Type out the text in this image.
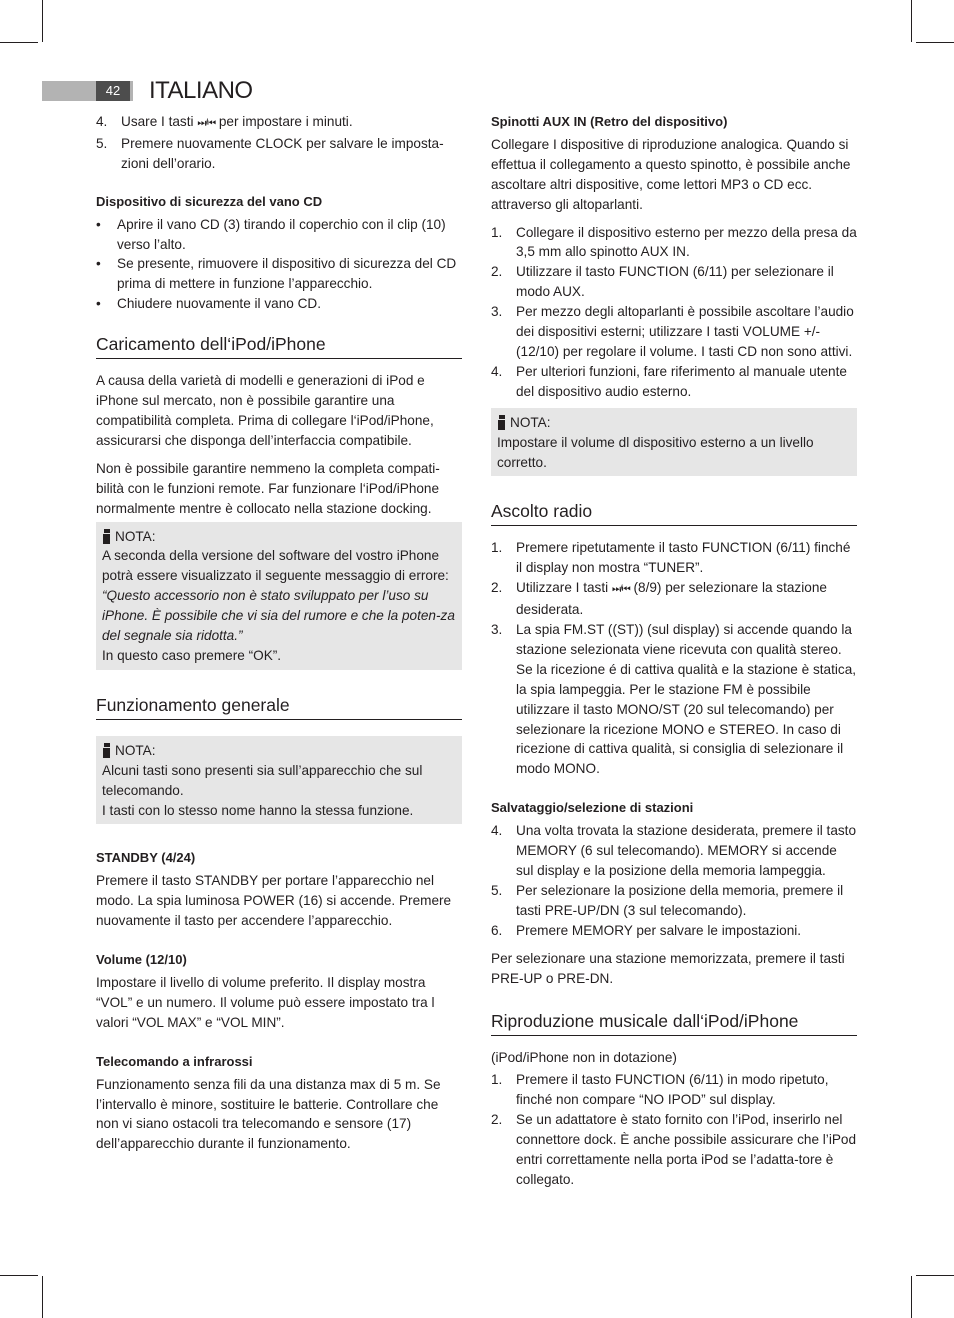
42	ITALIANO
4. Usare I tasti ⏭/⏮ per impostare i minuti.
5. Premere nuovamente CLOCK per salvare le imposta-zioni dell’orario.
Dispositivo di sicurezza del vano CD
• Aprire il vano CD (3) tirando il coperchio con il clip (10) verso l’alto.
• Se presente, rimuovere il dispositivo di sicurezza del CD prima di mettere in funzione l’apparecchio.
• Chiudere nuovamente il vano CD.
Caricamento dell‘iPod/iPhone

A causa della varietà di modelli e generazioni di iPod e iPhone sul mercato, non è possibile garantire una compatibilità completa. Prima di collegare l‘iPod/iPhone, assicurarsi che disponga dell’interfaccia compatibile.

Non è possibile garantire nemmeno la completa compati-bilità con le funzioni remote. Far funzionare l‘iPod/iPhone normalmente mentre è collocato nella stazione docking.

NOTA:
A seconda della versione del software del vostro iPhone potrà essere visualizzato il seguente messaggio di errore:
“Questo accessorio non è stato sviluppato per l’uso su iPhone. È possibile che vi sia del rumore e che la poten-za del segnale sia ridotta.”
In questo caso premere “OK”.
Funzionamento generale
NOTA:
Alcuni tasti sono presenti sia sull’apparecchio che sul telecomando.
I tasti con lo stesso nome hanno la stessa funzione.
STANDBY (4/24)

Premere il tasto STANDBY per portare l’apparecchio nel modo. La spia luminosa POWER (16) si accende. Premere nuovamente il tasto per accendere l’apparecchio.

Volume (12/10)

Impostare il livello di volume preferito. Il display mostra “VOL” e un numero. Il volume può essere impostato tra l valori “VOL MAX” e “VOL MIN”.

Telecomando a infrarossi

Funzionamento senza fili da una distanza max di 5 m. Se l’intervallo è minore, sostituire le batterie. Controllare che non vi siano ostacoli tra telecomando e sensore (17) dell’apparecchio durante il funzionamento.

Spinotti AUX IN (Retro del dispositivo)

Collegare I dispositive di riproduzione analogica. Quando si effettua il collegamento a questo spinotto, è possibile anche ascoltare altri dispositive, come lettori MP3 o CD ecc. attraverso gli altoparlanti.

1. Collegare il dispositivo esterno per mezzo della presa da 3,5 mm allo spinotto AUX IN.
2. Utilizzare il tasto FUNCTION (6/11) per selezionare il modo AUX.
3. Per mezzo degli altoparlanti è possibile ascoltare l’audio dei dispositivi esterni; utilizzare I tasti VOLUME +/- (12/10) per regolare il volume. I tasti CD non sono attivi.
4. Per ulteriori funzioni, fare riferimento al manuale utente del dispositivo audio esterno.
NOTA:
Impostare il volume dl dispositivo esterno a un livello corretto.
Ascolto radio
1. Premere ripetutamente il tasto FUNCTION (6/11) finché il display non mostra “TUNER”.
2. Utilizzare I tasti ⏭/⏮ (8/9) per selezionare la stazione desiderata.
3. La spia FM.ST ((ST)) (sul display) si accende quando la stazione selezionata viene ricevuta con qualità stereo. Se la ricezione é di cattiva qualità e la stazione è statica, la spia lampeggia. Per le stazione FM è possibile utilizzare il tasto MONO/ST (20 sul telecomando) per selezionare la ricezione MONO e STEREO. In caso di ricezione di cattiva qualità, si consiglia di selezionare il modo MONO.
Salvataggio/selezione di stazioni
4. Una volta trovata la stazione desiderata, premere il tasto MEMORY (6 sul telecomando). MEMORY si accende sul display e la posizione della memoria lampeggia.
5. Per selezionare la posizione della memoria, premere il tasti PRE-UP/DN (3 sul telecomando).
6. Premere MEMORY per salvare le impostazioni.

Per selezionare una stazione memorizzata, premere il tasti PRE-UP o PRE-DN.

Riproduzione musicale dall‘iPod/iPhone

(iPod/iPhone non in dotazione)

1. Premere il tasto FUNCTION (6/11) in modo ripetuto, finché non compare “NO IPOD” sul display.
2. Se un adattatore è stato fornito con l’iPod, inserirlo nel connettore dock. È anche possibile assicurare che l’iPod entri correttamente nella porta iPod se l’adatta-tore è collegato.
